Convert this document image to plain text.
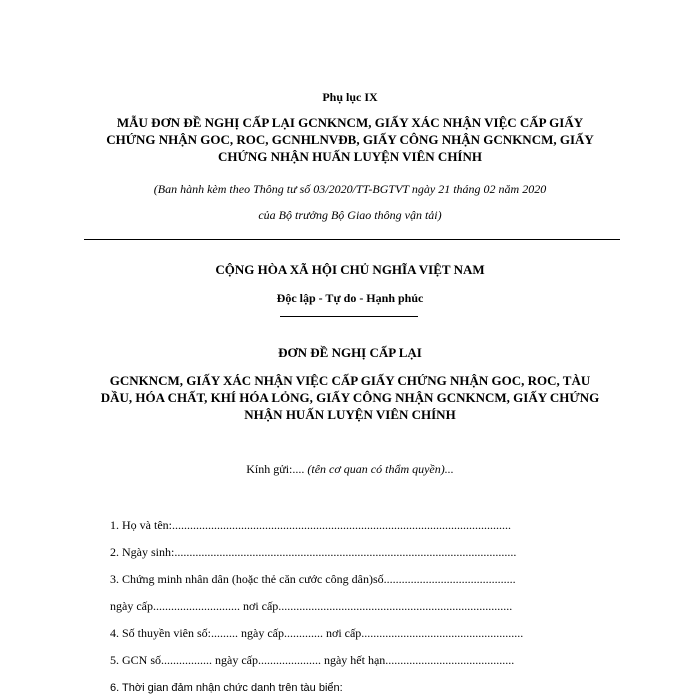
Phụ lục IX
MẪU ĐƠN ĐỀ NGHỊ CẤP LẠI GCNKNCM, GIẤY XÁC NHẬN VIỆC CẤP GIẤY
CHỨNG NHẬN GOC, ROC, GCNHLNVĐB, GIẤY CÔNG NHẬN GCNKNCM, GIẤY
CHỨNG NHẬN HUẤN LUYỆN VIÊN CHÍNH
(Ban hành kèm theo Thông tư số 03/2020/TT-BGTVT ngày 21 tháng 02 năm 2020
của Bộ trưởng Bộ Giao thông vận tải)
CỘNG HÒA XÃ HỘI CHỦ NGHĨA VIỆT NAM
Độc lập - Tự do - Hạnh phúc
ĐƠN ĐỀ NGHỊ CẤP LẠI
GCNKNCM, GIẤY XÁC NHẬN VIỆC CẤP GIẤY CHỨNG NHẬN GOC, ROC, TÀU
DẦU, HÓA CHẤT, KHÍ HÓA LỎNG, GIẤY CÔNG NHẬN GCNKNCM, GIẤY CHỨNG
NHẬN HUẤN LUYỆN VIÊN CHÍNH
Kính gửi:.... (tên cơ quan có thẩm quyền)...
1. Họ và tên:.................................................................................................................
2. Ngày sinh:..................................................................................................................
3. Chứng minh nhân dân (hoặc thẻ căn cước công dân)số............................................
ngày cấp............................. nơi cấp..............................................................................
4. Số thuyền viên số:......... ngày cấp............. nơi cấp......................................................
5. GCN số................. ngày cấp..................... ngày hết hạn...........................................
6. Thời gian đảm nhận chức danh trên tàu biển:
